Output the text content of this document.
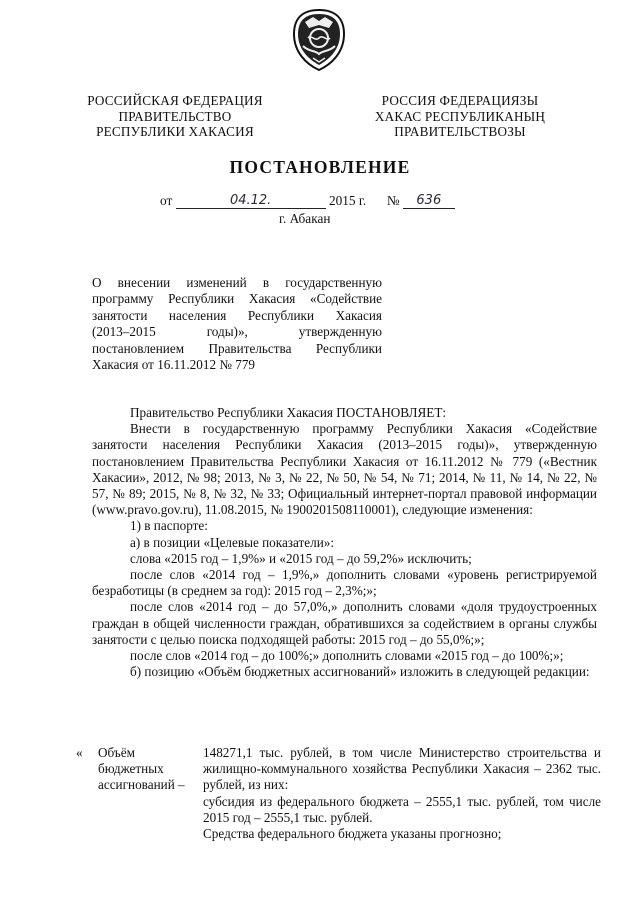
РОССИЙСКАЯ ФЕДЕРАЦИЯ
ПРАВИТЕЛЬСТВО
РЕСПУБЛИКИ ХАКАСИЯ
РОССИЯ ФЕДЕРАЦИЯЗЫ
ХАКАС РЕСПУБЛИКАНЫҢ
ПРАВИТЕЛЬСТВОЗЫ
ПОСТАНОВЛЕНИЕ
от	04.12.	2015 г. № 636
г. Абакан
О внесении изменений в государственную
программу Республики Хакасия «Содействие
занятости населения Республики Хакасия
(2013–2015 годы)», утвержденную
постановлением Правительства Республики
Хакасия от 16.11.2012 № 779

Правительство Республики Хакасия ПОСТАНОВЛЯЕТ:

Внести в государственную программу Республики Хакасия «Содействие занятости населения Республики Хакасия (2013–2015 годы)», утвержденную постановлением Правительства Республики Хакасия от 16.11.2012 № 779 («Вестник Хакасии», 2012, № 98; 2013, № 3, № 22, № 50, № 54, № 71; 2014, № 11, № 14, № 22, № 57, № 89; 2015, № 8, № 32, № 33; Официальный интернет-портал правовой информации (www.pravo.gov.ru), 11.08.2015, № 1900201508110001), следующие изменения:

1) в паспорте:

а) в позиции «Целевые показатели»:

слова «2015 год – 1,9%» и «2015 год – до 59,2%» исключить;

после слов «2014 год – 1,9%,» дополнить словами «уровень регистрируемой безработицы (в среднем за год): 2015 год – 2,3%;»;

после слов «2014 год – до 57,0%,» дополнить словами «доля трудоустроенных граждан в общей численности граждан, обратившихся за содействием в органы службы занятости с целью поиска подходящей работы: 2015 год – до 55,0%;»;

после слов «2014 год – до 100%;» дополнить словами «2015 год – до 100%;»;

б) позицию «Объём бюджетных ассигнований» изложить в следующей редакции:

« Объём
бюджетных
ассигнований –
148271,1 тыс. рублей, в том числе Министерство строительства и жилищно-коммунального хозяйства Республики Хакасия – 2362 тыс. рублей, из них:
субсидия из федерального бюджета – 2555,1 тыс. рублей, том числе 2015 год – 2555,1 тыс. рублей.
Средства федерального бюджета указаны прогнозно;
